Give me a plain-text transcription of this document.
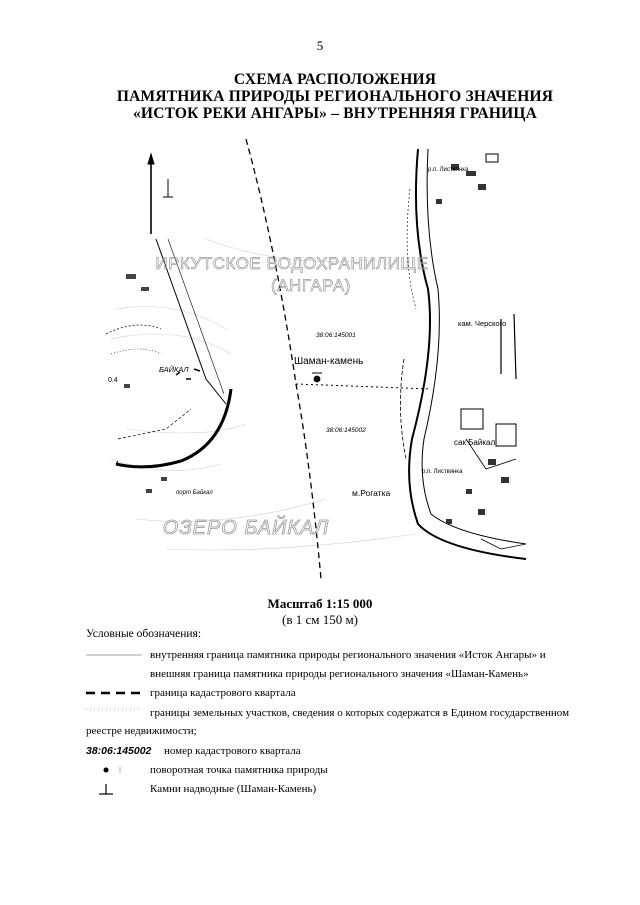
5
СХЕМА РАСПОЛОЖЕНИЯ
ПАМЯТНИКА ПРИРОДЫ РЕГИОНАЛЬНОГО ЗНАЧЕНИЯ
«ИСТОК РЕКИ АНГАРЫ» – ВНУТРЕННЯЯ ГРАНИЦА
ИРКУТСКОЕ ВОДОХРАНИЛИЩЕ
(АНГАРА)
ОЗЕРО БАЙКАЛ
Шаман-камень
38:06:145001
38:06:145002
БАЙКАЛ
р.п. Листвянка
р.п. Листвянка
кам. Черского
сак Байкал
м.Рогатка
порт Байкал
0.4
Масштаб 1:15 000
(в 1 см 150 м)
Условные обозначения:
внутренняя граница памятника природы регионального значения «Исток Ангары» и
внешняя граница памятника природы регионального значения «Шаман-Камень»
граница кадастрового квартала
границы земельных участков, сведения о которых содержатся в Едином государственном
реестре недвижимости;
38:06:145002 номер кадастрового квартала
поворотная точка памятника природы
Камни надводные (Шаман-Камень)
